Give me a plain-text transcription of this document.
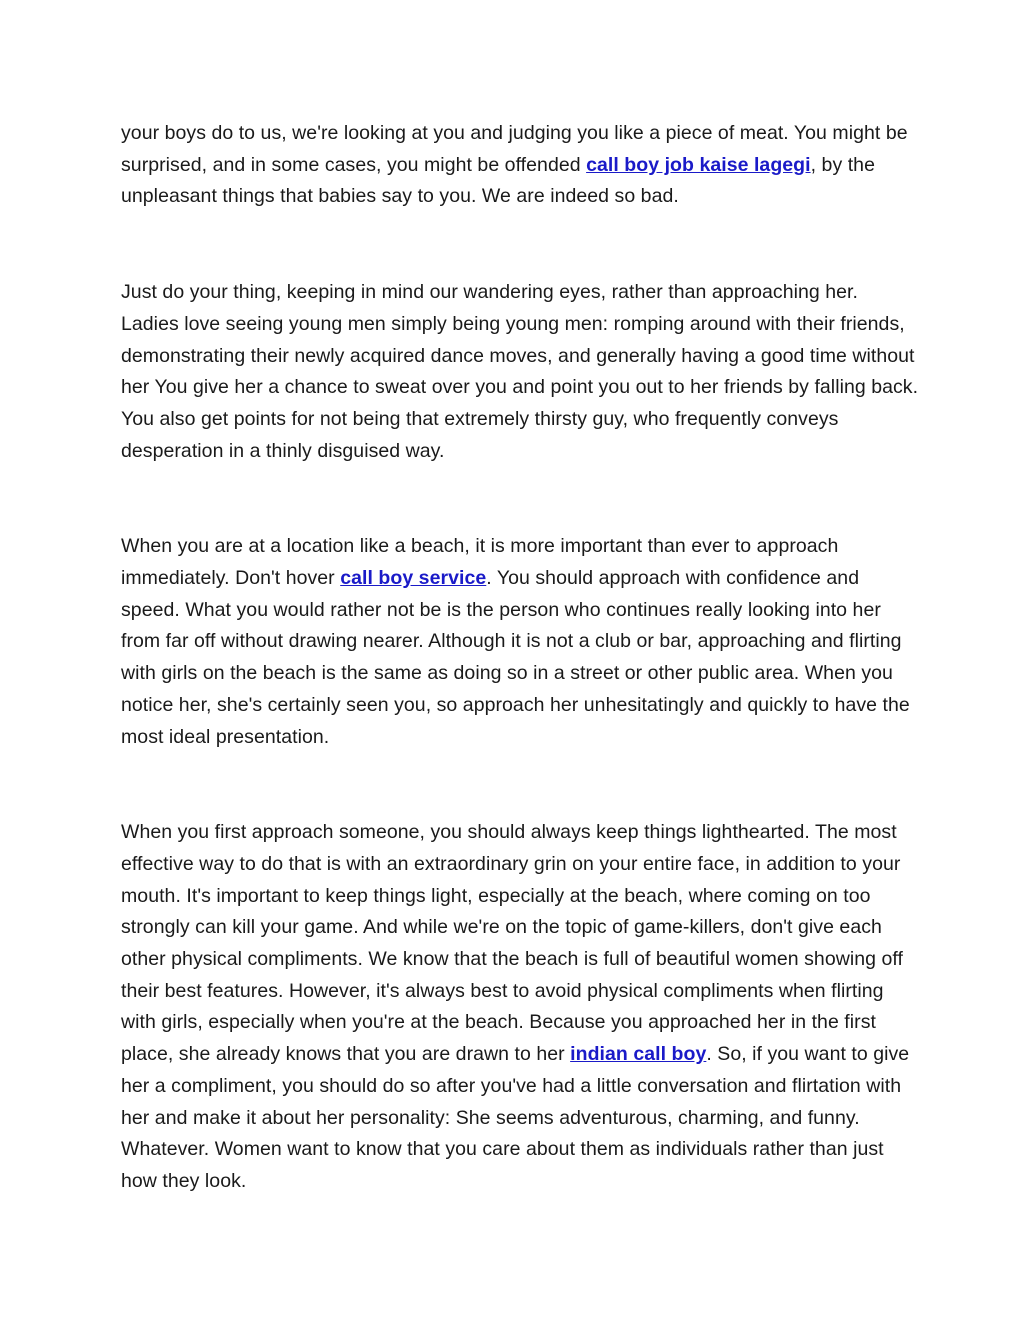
your boys do to us, we're looking at you and judging you like a piece of meat. You might be surprised, and in some cases, you might be offended call boy job kaise lagegi, by the unpleasant things that babies say to you. We are indeed so bad.

Just do your thing, keeping in mind our wandering eyes, rather than approaching her. Ladies love seeing young men simply being young men: romping around with their friends, demonstrating their newly acquired dance moves, and generally having a good time without her You give her a chance to sweat over you and point you out to her friends by falling back. You also get points for not being that extremely thirsty guy, who frequently conveys desperation in a thinly disguised way.

When you are at a location like a beach, it is more important than ever to approach immediately. Don't hover call boy service. You should approach with confidence and speed. What you would rather not be is the person who continues really looking into her from far off without drawing nearer. Although it is not a club or bar, approaching and flirting with girls on the beach is the same as doing so in a street or other public area. When you notice her, she's certainly seen you, so approach her unhesitatingly and quickly to have the most ideal presentation.

When you first approach someone, you should always keep things lighthearted. The most effective way to do that is with an extraordinary grin on your entire face, in addition to your mouth. It's important to keep things light, especially at the beach, where coming on too strongly can kill your game. And while we're on the topic of game-killers, don't give each other physical compliments. We know that the beach is full of beautiful women showing off their best features. However, it's always best to avoid physical compliments when flirting with girls, especially when you're at the beach. Because you approached her in the first place, she already knows that you are drawn to her indian call boy. So, if you want to give her a compliment, you should do so after you've had a little conversation and flirtation with her and make it about her personality: She seems adventurous, charming, and funny. Whatever. Women want to know that you care about them as individuals rather than just how they look.
